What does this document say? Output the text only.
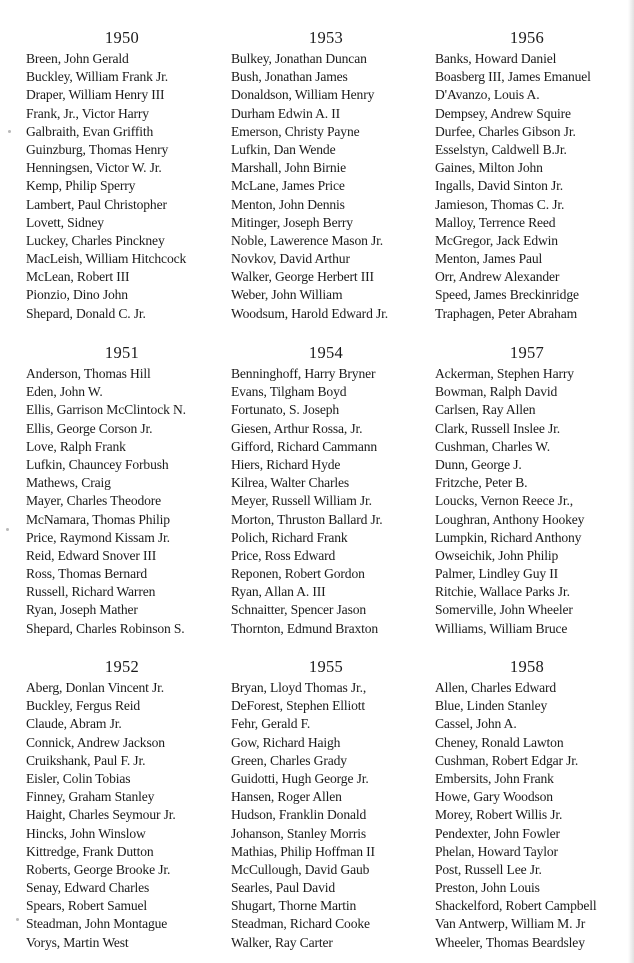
1950
Breen, John Gerald
Buckley, William Frank Jr.
Draper, William Henry III
Frank, Jr., Victor Harry
Galbraith, Evan Griffith
Guinzburg, Thomas Henry
Henningsen, Victor W. Jr.
Kemp, Philip Sperry
Lambert, Paul Christopher
Lovett, Sidney
Luckey, Charles Pinckney
MacLeish, William Hitchcock
McLean, Robert III
Pionzio, Dino John
Shepard, Donald C. Jr.
1953
Bulkey, Jonathan Duncan
Bush, Jonathan James
Donaldson, William Henry
Durham Edwin A. II
Emerson, Christy Payne
Lufkin, Dan Wende
Marshall, John Birnie
McLane, James Price
Menton, John Dennis
Mitinger, Joseph Berry
Noble, Lawerence Mason Jr.
Novkov, David Arthur
Walker, George Herbert III
Weber, John William
Woodsum, Harold Edward Jr.
1956
Banks, Howard Daniel
Boasberg III, James Emanuel
D'Avanzo, Louis A.
Dempsey, Andrew Squire
Durfee, Charles Gibson Jr.
Esselstyn, Caldwell B.Jr.
Gaines, Milton John
Ingalls, David Sinton Jr.
Jamieson, Thomas C. Jr.
Malloy, Terrence Reed
McGregor, Jack Edwin
Menton, James Paul
Orr, Andrew Alexander
Speed, James Breckinridge
Traphagen, Peter Abraham
1951
Anderson, Thomas Hill
Eden, John W.
Ellis, Garrison McClintock N.
Ellis, George Corson Jr.
Love, Ralph Frank
Lufkin, Chauncey Forbush
Mathews, Craig
Mayer, Charles Theodore
McNamara, Thomas Philip
Price, Raymond Kissam Jr.
Reid, Edward Snover III
Ross, Thomas Bernard
Russell, Richard Warren
Ryan, Joseph Mather
Shepard, Charles Robinson S.
1954
Benninghoff, Harry Bryner
Evans, Tilgham Boyd
Fortunato, S. Joseph
Giesen, Arthur Rossa, Jr.
Gifford, Richard Cammann
Hiers, Richard Hyde
Kilrea, Walter Charles
Meyer, Russell William Jr.
Morton, Thruston Ballard Jr.
Polich, Richard Frank
Price, Ross Edward
Reponen, Robert Gordon
Ryan, Allan A. III
Schnaitter, Spencer Jason
Thornton, Edmund Braxton
1957
Ackerman, Stephen Harry
Bowman, Ralph David
Carlsen, Ray Allen
Clark, Russell Inslee Jr.
Cushman, Charles W.
Dunn, George J.
Fritzche, Peter B.
Loucks, Vernon Reece Jr.,
Loughran, Anthony Hookey
Lumpkin, Richard Anthony
Owseichik, John Philip
Palmer, Lindley Guy II
Ritchie, Wallace Parks Jr.
Somerville, John Wheeler
Williams, William Bruce
1952
Aberg, Donlan Vincent Jr.
Buckley, Fergus Reid
Claude, Abram Jr.
Connick, Andrew Jackson
Cruikshank, Paul F. Jr.
Eisler, Colin Tobias
Finney, Graham Stanley
Haight, Charles Seymour Jr.
Hincks, John Winslow
Kittredge, Frank Dutton
Roberts, George Brooke Jr.
Senay, Edward Charles
Spears, Robert Samuel
Steadman, John Montague
Vorys, Martin West
1955
Bryan, Lloyd Thomas Jr.,
DeForest, Stephen Elliott
Fehr, Gerald F.
Gow, Richard Haigh
Green, Charles Grady
Guidotti, Hugh George Jr.
Hansen, Roger Allen
Hudson, Franklin Donald
Johanson, Stanley Morris
Mathias, Philip Hoffman II
McCullough, David Gaub
Searles, Paul David
Shugart, Thorne Martin
Steadman, Richard Cooke
Walker, Ray Carter
1958
Allen, Charles Edward
Blue, Linden Stanley
Cassel, John A.
Cheney, Ronald Lawton
Cushman, Robert Edgar Jr.
Embersits, John Frank
Howe, Gary Woodson
Morey, Robert Willis Jr.
Pendexter, John Fowler
Phelan, Howard Taylor
Post, Russell Lee Jr.
Preston, John Louis
Shackelford, Robert Campbell
Van Antwerp, William M. Jr
Wheeler, Thomas Beardsley
